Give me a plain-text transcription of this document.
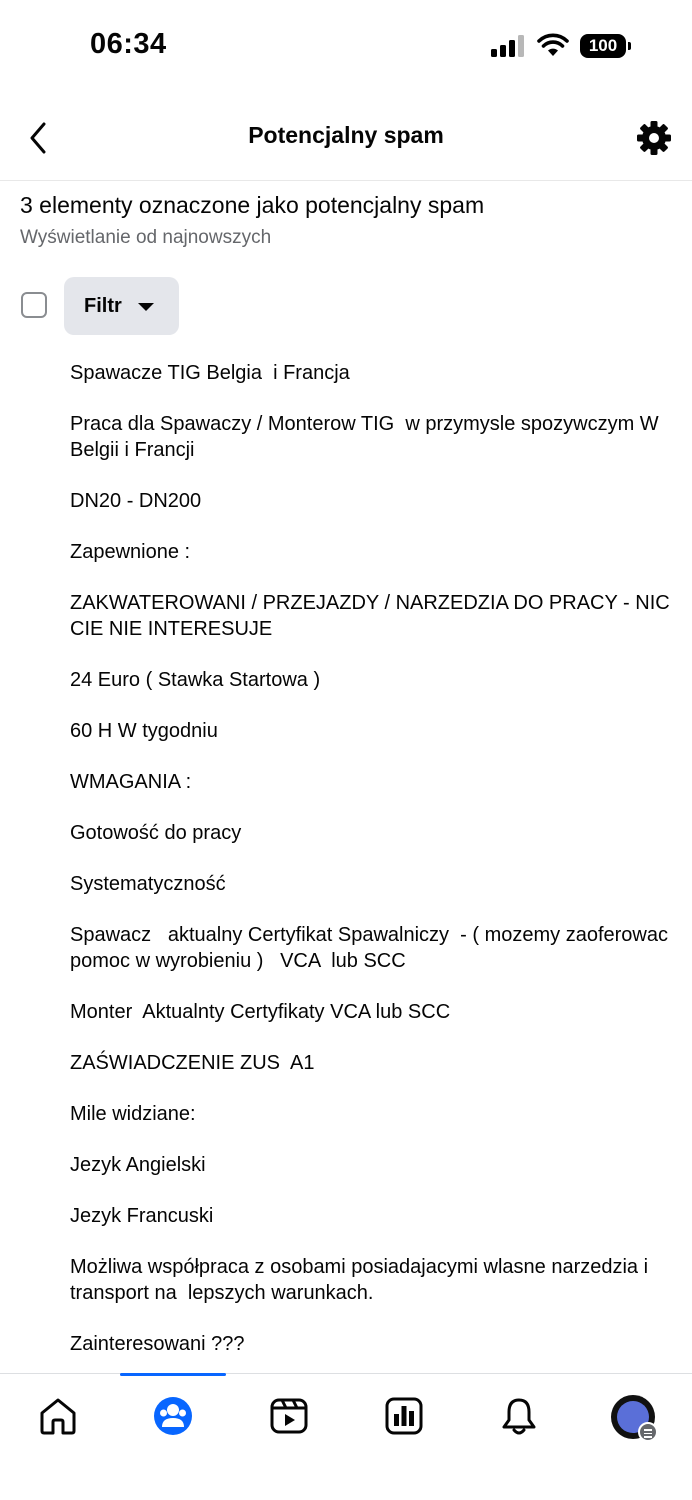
06:34	100
Potencjalny spam
3 elementy oznaczone jako potencjalny spam
Wyświetlanie od najnowszych
Filtr
Spawacze TIG Belgia  i Francja
Praca dla Spawaczy / Monterow TIG  w przymysle spozywczym W Belgii i Francji
DN20 - DN200
Zapewnione :
ZAKWATEROWANI / PRZEJAZDY / NARZEDZIA DO PRACY - NIC CIE NIE INTERESUJE
24 Euro ( Stawka Startowa )
60 H W tygodniu
WMAGANIA :
Gotowość do pracy
Systematyczność
Spawacz   aktualny Certyfikat Spawalniczy  - ( mozemy zaoferowac pomoc w wyrobieniu )   VCA  lub SCC
Monter  Aktualnty Certyfikaty VCA lub SCC
ZAŚWIADCZENIE ZUS  A1
Mile widziane:
Jezyk Angielski
Jezyk Francuski
Możliwa współpraca z osobami posiadajacymi wlasne narzedzia i  transport na  lepszych warunkach.
Zainteresowani ???
